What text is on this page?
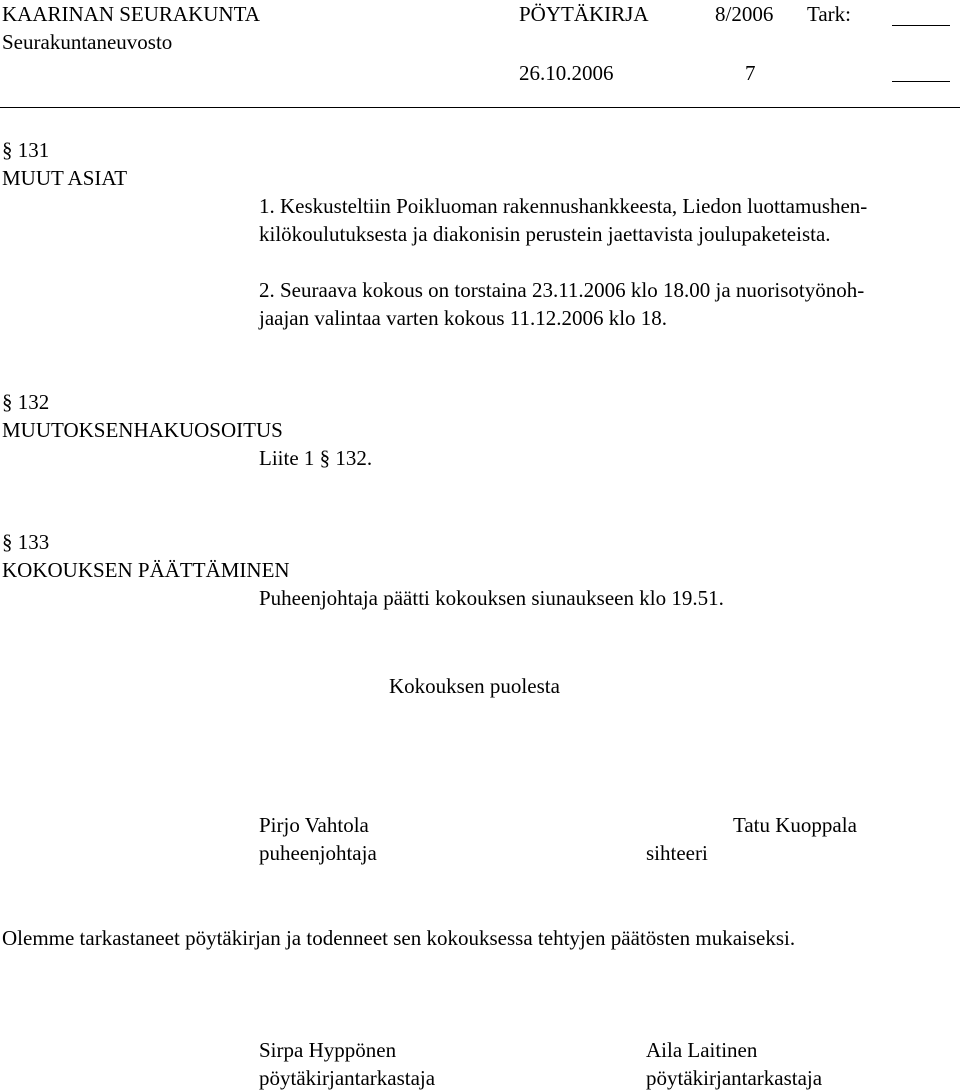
KAARINAN SEURAKUNTA	PÖYTÄKIRJA	8/2006 Tark:
Seurakuntaneuvosto
26.10.2006	7
§ 131
MUUT ASIAT
1. Keskusteltiin Poikluoman rakennushankkeesta, Liedon luottamushen-
kilökoulutuksesta ja diakonisin perustein jaettavista joulupaketeista.
2. Seuraava kokous on torstaina 23.11.2006 klo 18.00 ja nuorisotyönoh-
jaajan valintaa varten kokous 11.12.2006 klo 18.
§ 132
MUUTOKSENHAKUOSOITUS
Liite 1 § 132.
§ 133
KOKOUKSEN PÄÄTTÄMINEN
Puheenjohtaja päätti kokouksen siunaukseen klo 19.51.
Kokouksen puolesta
Pirjo Vahtola
puheenjohtaja
Tatu Kuoppala
sihteeri
Olemme tarkastaneet pöytäkirjan ja todenneet sen kokouksessa tehtyjen päätösten mukaiseksi.
Sirpa Hyppönen
pöytäkirjantarkastaja
Aila Laitinen
pöytäkirjantarkastaja
